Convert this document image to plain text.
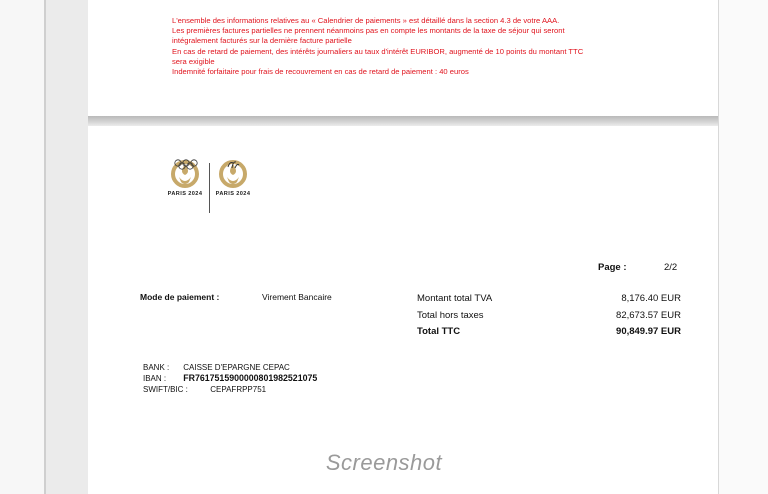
L'ensemble des informations relatives au « Calendrier de paiements » est détaillé dans la section 4.3 de votre AAA.
Les premières factures partielles ne prennent néanmoins pas en compte les montants de la taxe de séjour qui seront
intégralement facturés sur la dernière facture partielle
En cas de retard de paiement, des intérêts journaliers au taux d'intérêt EURIBOR, augmenté de 10 points du montant TTC
sera exigible
Indemnité forfaitaire pour frais de recouvrement en cas de retard de paiement : 40 euros
PARIS 2024	PARIS 2024
Page :	2/2
Mode de paiement :	Virement Bancaire	Montant total TVA	8,176.40 EUR
Total hors taxes	82,673.57 EUR
Total TTC	90,849.97 EUR
BANK : CAISSE D'EPARGNE CEPAC
IBAN : FR7617515900000801982521075
SWIFT/BIC :	CEPAFRPP751
Screenshot
